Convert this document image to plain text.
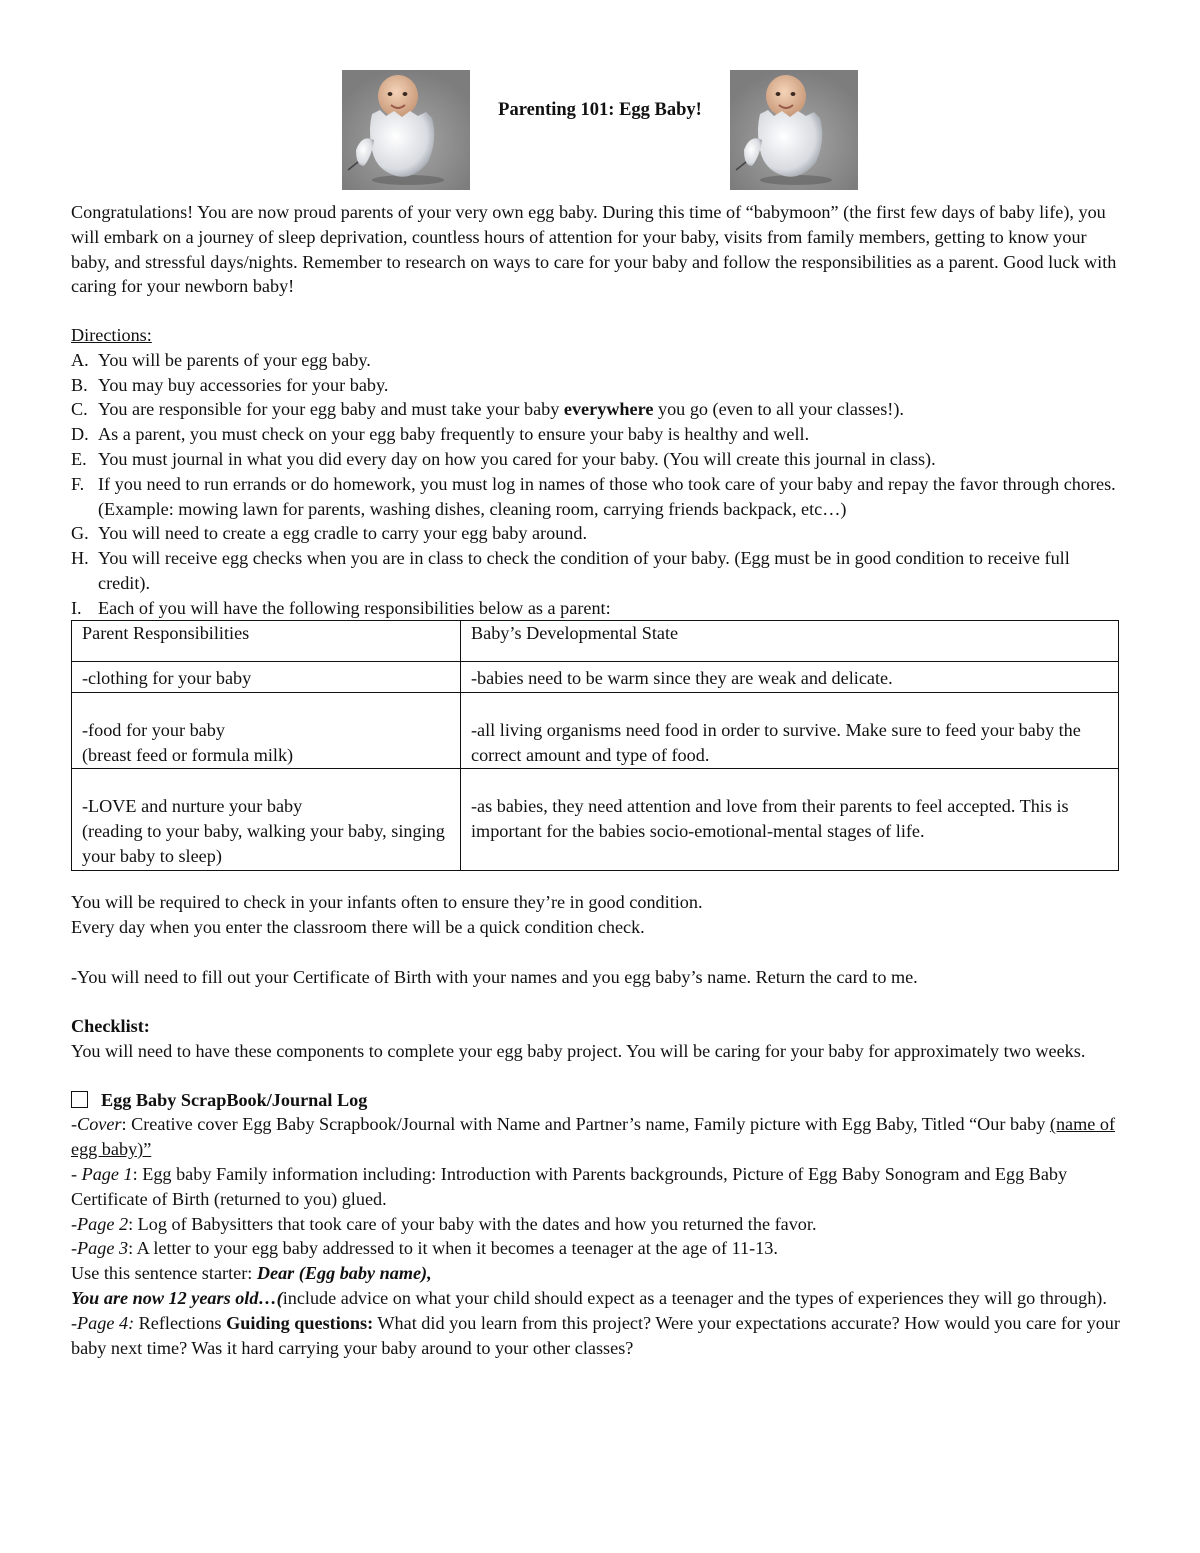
Parenting 101: Egg Baby!
Congratulations! You are now proud parents of your very own egg baby. During this time of “babymoon” (the first few days of baby life), you will embark on a journey of sleep deprivation, countless hours of attention for your baby, visits from family members, getting to know your baby, and stressful days/nights. Remember to research on ways to care for your baby and follow the responsibilities as a parent. Good luck with caring for your newborn baby!
Directions:
A. You will be parents of your egg baby.
B. You may buy accessories for your baby.
C. You are responsible for your egg baby and must take your baby everywhere you go (even to all your classes!).
D. As a parent, you must check on your egg baby frequently to ensure your baby is healthy and well.
E. You must journal in what you did every day on how you cared for your baby. (You will create this journal in class).
F. If you need to run errands or do homework, you must log in names of those who took care of your baby and repay the favor through chores. (Example: mowing lawn for parents, washing dishes, cleaning room, carrying friends backpack, etc…)
G. You will need to create a egg cradle to carry your egg baby around.
H. You will receive egg checks when you are in class to check the condition of your baby. (Egg must be in good condition to receive full credit).
I. Each of you will have the following responsibilities below as a parent:
Parent Responsibilities	Baby’s Developmental State

-clothing for your baby	-babies need to be warm since they are weak and delicate.

-food for your baby
(breast feed or formula milk)	-all living organisms need food in order to survive. Make sure to feed your baby the correct amount and type of food.

-LOVE and nurture your baby
(reading to your baby, walking your baby, singing your baby to sleep)	-as babies, they need attention and love from their parents to feel accepted. This is important for the babies socio-emotional-mental stages of life.
You will be required to check in your infants often to ensure they’re in good condition.
Every day when you enter the classroom there will be a quick condition check.
-You will need to fill out your Certificate of Birth with your names and you egg baby’s name. Return the card to me.
Checklist:
You will need to have these components to complete your egg baby project. You will be caring for your baby for approximately two weeks.
Egg Baby ScrapBook/Journal Log
-Cover: Creative cover Egg Baby Scrapbook/Journal with Name and Partner’s name, Family picture with Egg Baby, Titled “Our baby (name of egg baby)”
- Page 1: Egg baby Family information including: Introduction with Parents backgrounds, Picture of Egg Baby Sonogram and Egg Baby Certificate of Birth (returned to you) glued.
-Page 2: Log of Babysitters that took care of your baby with the dates and how you returned the favor.
-Page 3: A letter to your egg baby addressed to it when it becomes a teenager at the age of 11-13.
Use this sentence starter: Dear (Egg baby name),
You are now 12 years old…(include advice on what your child should expect as a teenager and the types of experiences they will go through).
-Page 4: Reflections Guiding questions: What did you learn from this project? Were your expectations accurate? How would you care for your baby next time? Was it hard carrying your baby around to your other classes?
